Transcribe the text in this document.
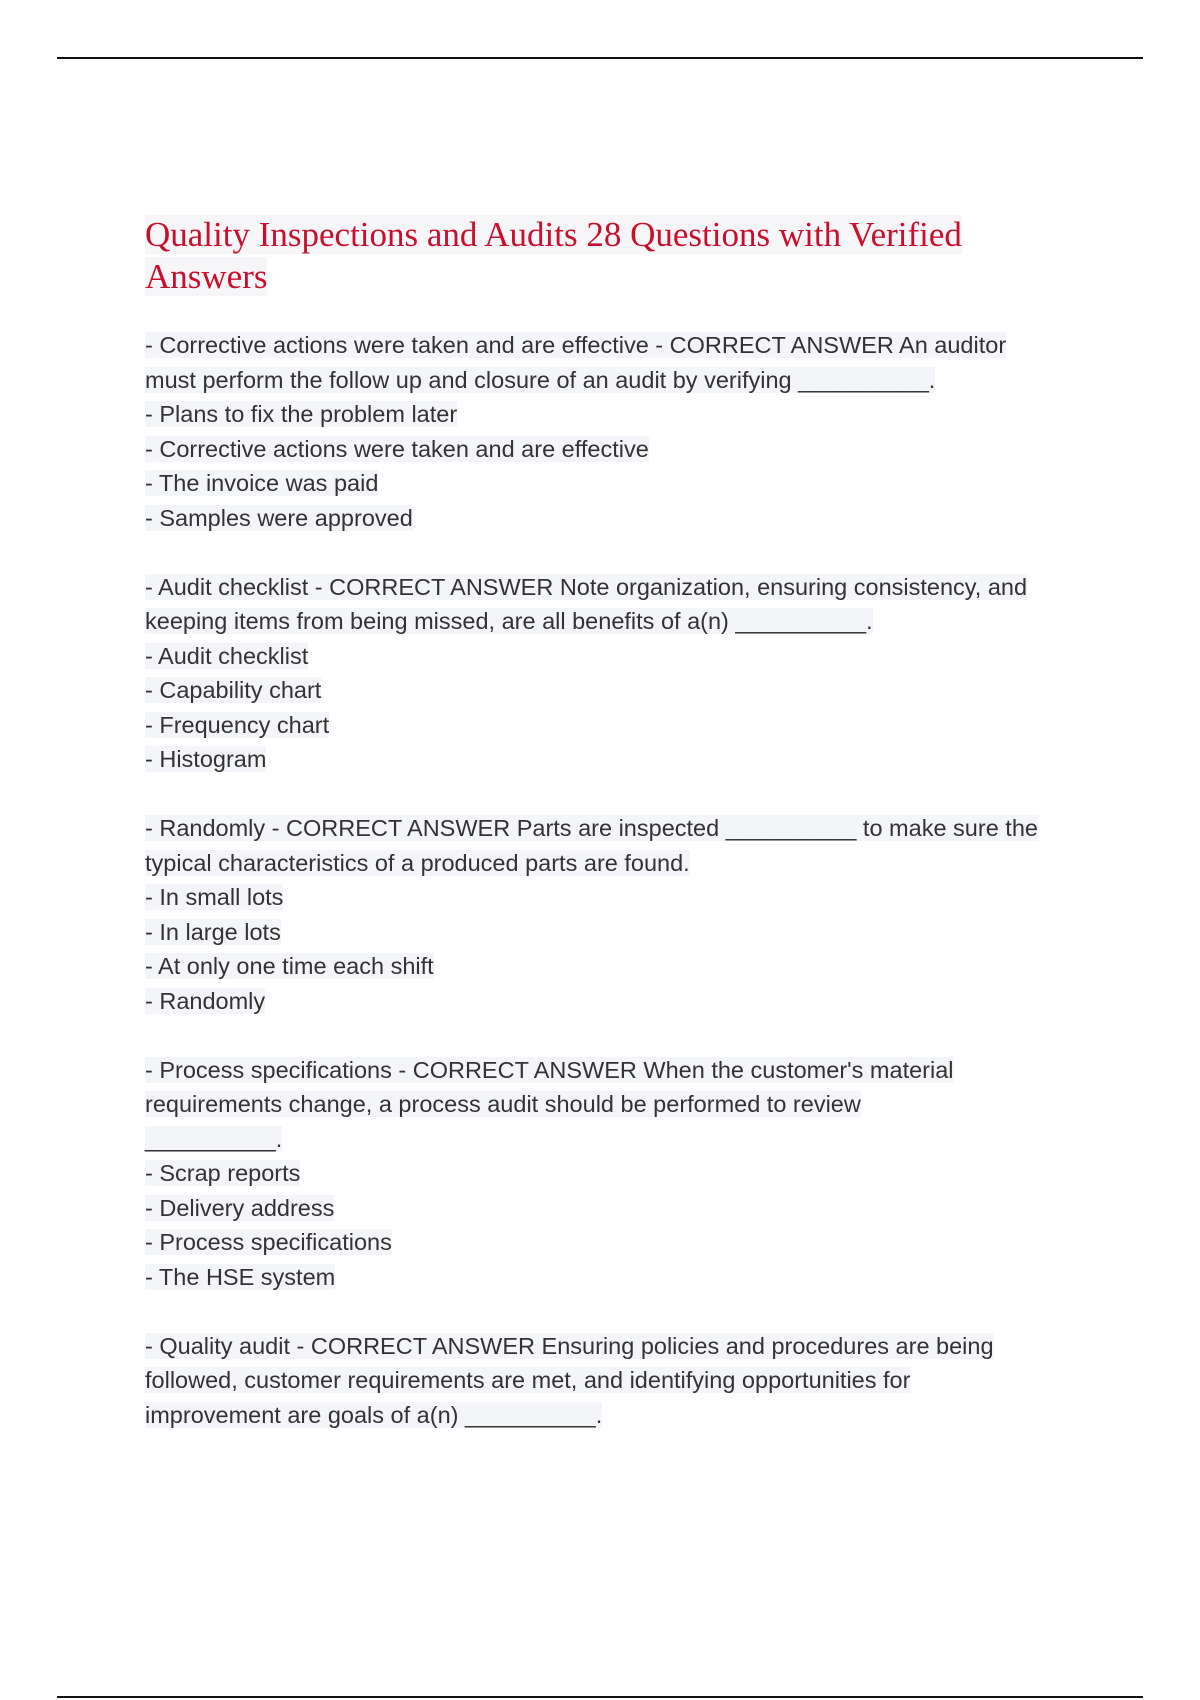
Quality Inspections and Audits 28 Questions with Verified
Answers
- Corrective actions were taken and are effective - CORRECT ANSWER An auditor
must perform the follow up and closure of an audit by verifying __________.
- Plans to fix the problem later
- Corrective actions were taken and are effective
- The invoice was paid
- Samples were approved
- Audit checklist - CORRECT ANSWER Note organization, ensuring consistency, and
keeping items from being missed, are all benefits of a(n) __________.
- Audit checklist
- Capability chart
- Frequency chart
- Histogram
- Randomly - CORRECT ANSWER Parts are inspected __________ to make sure the
typical characteristics of a produced parts are found.
- In small lots
- In large lots
- At only one time each shift
- Randomly
- Process specifications - CORRECT ANSWER When the customer's material
requirements change, a process audit should be performed to review
__________.
- Scrap reports
- Delivery address
- Process specifications
- The HSE system
- Quality audit - CORRECT ANSWER Ensuring policies and procedures are being
followed, customer requirements are met, and identifying opportunities for
improvement are goals of a(n) __________.
